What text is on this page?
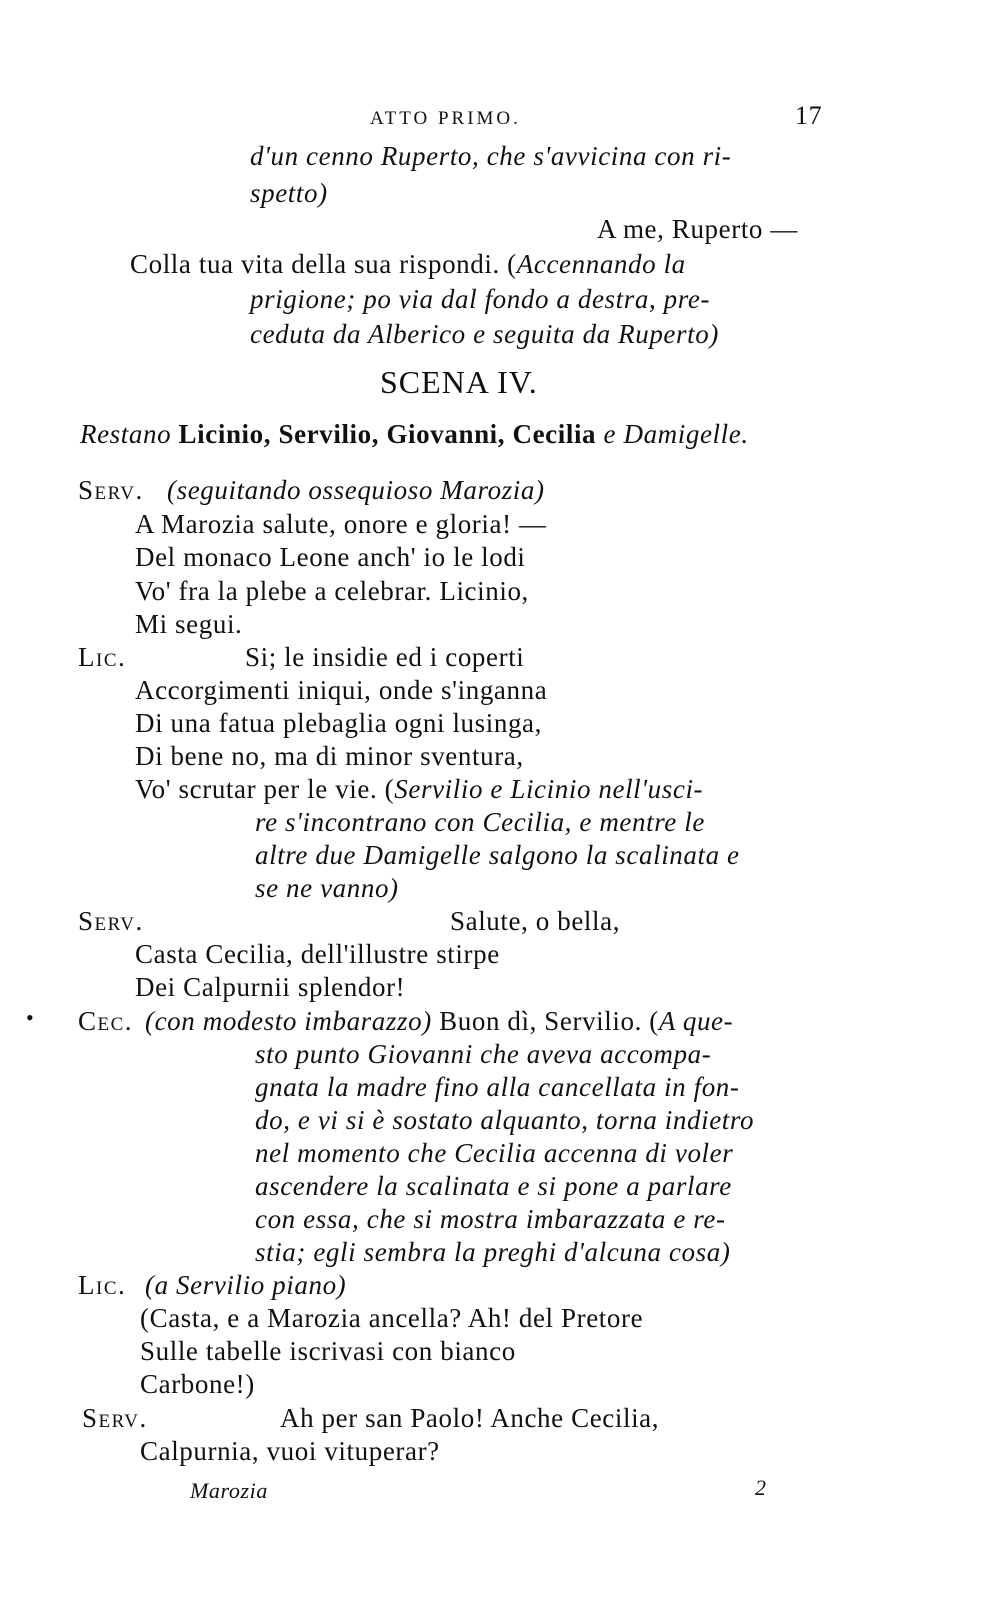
ATTO PRIMO.	17
d'un cenno Ruperto, che s'avvicina con ri-
spetto)
A me, Ruperto —
Colla tua vita della sua rispondi. (Accennando la
prigione; po via dal fondo a destra, pre-
ceduta da Alberico e seguita da Ruperto)
SCENA IV.
Restano Licinio, Servilio, Giovanni, Cecilia e Damigelle.
Serv. (seguitando ossequioso Marozia)
A Marozia salute, onore e gloria! —
Del monaco Leone anch' io le lodi
Vo' fra la plebe a celebrar. Licinio,
Mi segui.
Lic.	Si; le insidie ed i coperti
Accorgimenti iniqui, onde s'inganna
Di una fatua plebaglia ogni lusinga,
Di bene no, ma di minor sventura,
Vo' scrutar per le vie. (Servilio e Licinio nell'usci-
re s'incontrano con Cecilia, e mentre le
altre due Damigelle salgono la scalinata e
se ne vanno)
Serv.	Salute, o bella,
Casta Cecilia, dell'illustre stirpe
Dei Calpurnii splendor!
• Cec. (con modesto imbarazzo) Buon dì, Servilio. (A que-
sto punto Giovanni che aveva accompa-
gnata la madre fino alla cancellata in fon-
do, e vi si è sostato alquanto, torna indietro
nel momento che Cecilia accenna di voler
ascendere la scalinata e si pone a parlare
con essa, che si mostra imbarazzata e re-
stia; egli sembra la preghi d'alcuna cosa)
Lic. (a Servilio piano)
(Casta, e a Marozia ancella? Ah! del Pretore
Sulle tabelle iscrivasi con bianco
Carbone!)
Serv.	Ah per san Paolo! Anche Cecilia,
Calpurnia, vuoi vituperar?
Marozia	2
